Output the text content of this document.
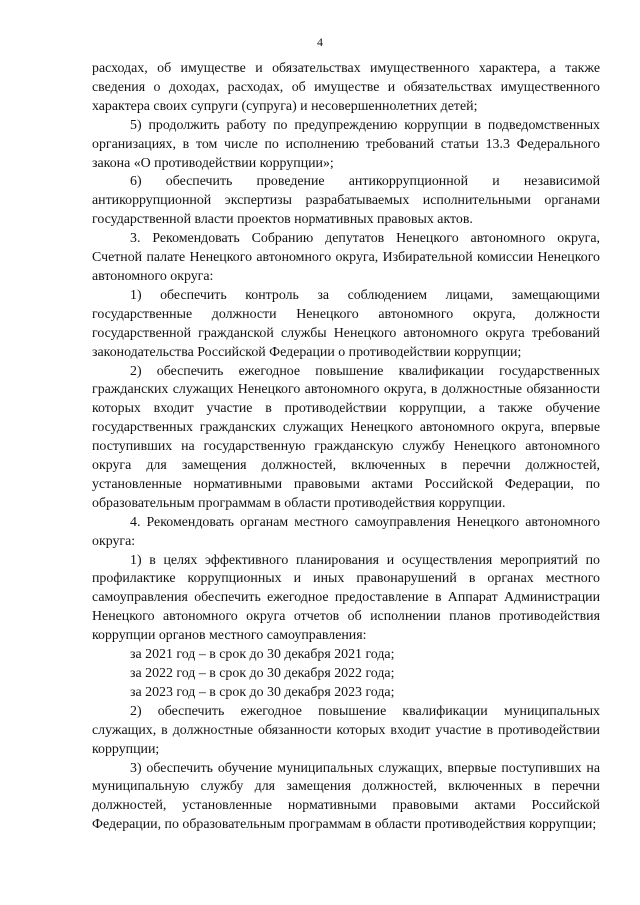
4

расходах, об имуществе и обязательствах имущественного характера, а также сведения о доходах, расходах, об имуществе и обязательствах имущественного характера своих супруги (супруга) и несовершеннолетних детей;

5) продолжить работу по предупреждению коррупции в подведомственных организациях, в том числе по исполнению требований статьи 13.3 Федерального закона «О противодействии коррупции»;

6) обеспечить проведение антикоррупционной и независимой антикоррупционной экспертизы разрабатываемых исполнительными органами государственной власти проектов нормативных правовых актов.

3. Рекомендовать Собранию депутатов Ненецкого автономного округа, Счетной палате Ненецкого автономного округа, Избирательной комиссии Ненецкого автономного округа:

1) обеспечить контроль за соблюдением лицами, замещающими государственные должности Ненецкого автономного округа, должности государственной гражданской службы Ненецкого автономного округа требований законодательства Российской Федерации о противодействии коррупции;

2) обеспечить ежегодное повышение квалификации государственных гражданских служащих Ненецкого автономного округа, в должностные обязанности которых входит участие в противодействии коррупции, а также обучение государственных гражданских служащих Ненецкого автономного округа, впервые поступивших на государственную гражданскую службу Ненецкого автономного округа для замещения должностей, включенных в перечни должностей, установленные нормативными правовыми актами Российской Федерации, по образовательным программам в области противодействия коррупции.

4. Рекомендовать органам местного самоуправления Ненецкого автономного округа:

1) в целях эффективного планирования и осуществления мероприятий по профилактике коррупционных и иных правонарушений в органах местного самоуправления обеспечить ежегодное предоставление в Аппарат Администрации Ненецкого автономного округа отчетов об исполнении планов противодействия коррупции органов местного самоуправления:

за 2021 год – в срок до 30 декабря 2021 года;

за 2022 год – в срок до 30 декабря 2022 года;

за 2023 год – в срок до 30 декабря 2023 года;

2) обеспечить ежегодное повышение квалификации муниципальных служащих, в должностные обязанности которых входит участие в противодействии коррупции;

3) обеспечить обучение муниципальных служащих, впервые поступивших на муниципальную службу для замещения должностей, включенных в перечни должностей, установленные нормативными правовыми актами Российской Федерации, по образовательным программам в области противодействия коррупции;
